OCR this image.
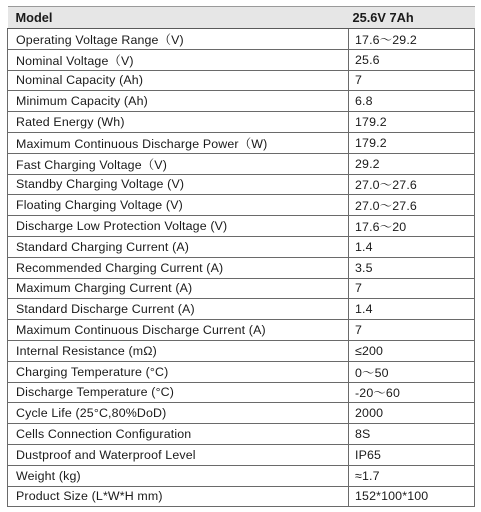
Model	25.6V 7Ah
Operating Voltage Range（V)	17.6～29.2
Nominal Voltage（V)	25.6
Nominal Capacity (Ah)	7
Minimum Capacity (Ah)	6.8
Rated Energy (Wh)	179.2
Maximum Continuous Discharge Power（W)	179.2
Fast Charging Voltage（V)	29.2
Standby Charging Voltage (V)	27.0～27.6
Floating Charging Voltage (V)	27.0～27.6
Discharge Low Protection Voltage (V)	17.6～20
Standard Charging Current (A)	1.4
Recommended Charging Current (A)	3.5
Maximum Charging Current (A)	7
Standard Discharge Current (A)	1.4
Maximum Continuous Discharge Current (A)	7
Internal Resistance (mΩ)	≤200
Charging Temperature (°C)	0～50
Discharge Temperature (°C)	-20～60
Cycle Life (25°C,80%DoD)	2000
Cells Connection Configuration	8S
Dustproof and Waterproof Level	IP65
Weight (kg)	≈1.7
Product Size (L*W*H mm)	152*100*100
